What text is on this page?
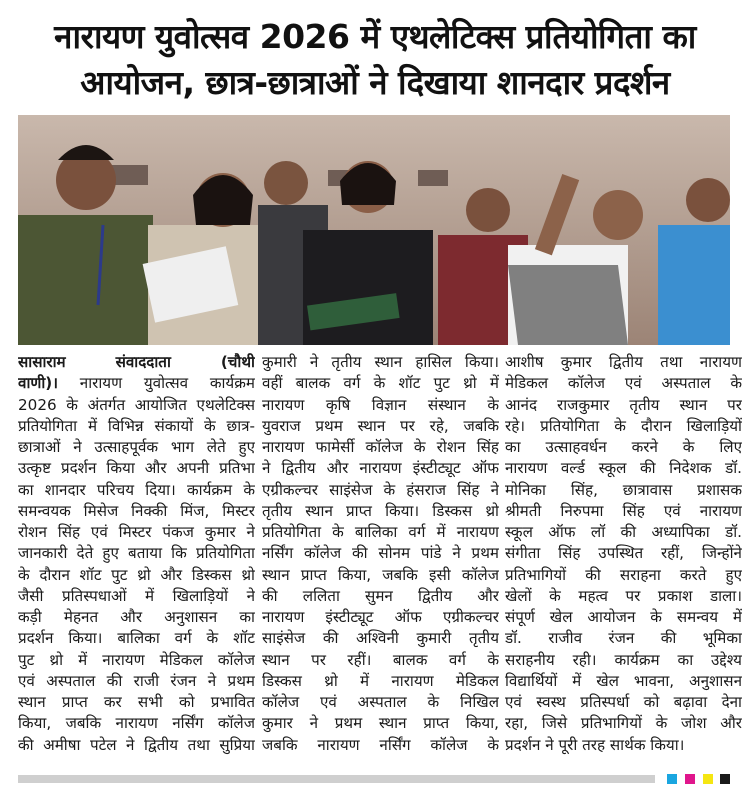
नारायण युवोत्सव 2026 में एथलेटिक्स प्रतियोगिता का
आयोजन, छात्र-छात्राओं ने दिखाया शानदार प्रदर्शन
सासाराम संवाददाता (चौथी
वाणी)। नारायण युवोत्सव कार्यक्रम
2026 के अंतर्गत आयोजित एथलेटिक्स
प्रतियोगिता में विभिन्न संकायों के छात्र-
छात्राओं ने उत्साहपूर्वक भाग लेते हुए
उत्कृष्ट प्रदर्शन किया और अपनी प्रतिभा
का शानदार परिचय दिया। कार्यक्रम के
समन्वयक मिसेज निक्की मिंज, मिस्टर
रोशन सिंह एवं मिस्टर पंकज कुमार ने
जानकारी देते हुए बताया कि प्रतियोगिता
के दौरान शॉट पुट थ्रो और डिस्कस थ्रो
जैसी प्रतिस्पधाओं में खिलाड़ियों ने
कड़ी मेहनत और अनुशासन का
प्रदर्शन किया। बालिका वर्ग के शॉट
पुट थ्रो में नारायण मेडिकल कॉलेज
एवं अस्पताल की राजी रंजन ने प्रथम
स्थान प्राप्त कर सभी को प्रभावित
किया, जबकि नारायण नर्सिंग कॉलेज
की अमीषा पटेल ने द्वितीय तथा सुप्रिया
कुमारी ने तृतीय स्थान हासिल किया।
वहीं बालक वर्ग के शॉट पुट थ्रो में
नारायण कृषि विज्ञान संस्थान के
युवराज प्रथम स्थान पर रहे, जबकि
नारायण फामेर्सी कॉलेज के रोशन सिंह
ने द्वितीय और नारायण इंस्टीट्यूट ऑफ
एग्रीकल्चर साइंसेज के हंसराज सिंह ने
तृतीय स्थान प्राप्त किया। डिस्कस थ्रो
प्रतियोगिता के बालिका वर्ग में नारायण
नर्सिंग कॉलेज की सोनम पांडे ने प्रथम
स्थान प्राप्त किया, जबकि इसी कॉलेज
की ललिता सुमन द्वितीय और
नारायण इंस्टीट्यूट ऑफ एग्रीकल्चर
साइंसेज की अश्विनी कुमारी तृतीय
स्थान पर रहीं। बालक वर्ग के
डिस्कस थ्रो में नारायण मेडिकल
कॉलेज एवं अस्पताल के निखिल
कुमार ने प्रथम स्थान प्राप्त किया,
जबकि नारायण नर्सिंग कॉलेज के
आशीष कुमार द्वितीय तथा नारायण
मेडिकल कॉलेज एवं अस्पताल के
आनंद राजकुमार तृतीय स्थान पर
रहे। प्रतियोगिता के दौरान खिलाड़ियों
का उत्साहवर्धन करने के लिए
नारायण वर्ल्ड स्कूल की निदेशक डॉ.
मोनिका सिंह, छात्रावास प्रशासक
श्रीमती निरुपमा सिंह एवं नारायण
स्कूल ऑफ लॉ की अध्यापिका डॉ.
संगीता सिंह उपस्थित रहीं, जिन्होंने
प्रतिभागियों की सराहना करते हुए
खेलों के महत्व पर प्रकाश डाला।
संपूर्ण खेल आयोजन के समन्वय में
डॉ. राजीव रंजन की भूमिका
सराहनीय रही। कार्यक्रम का उद्देश्य
विद्यार्थियों में खेल भावना, अनुशासन
एवं स्वस्थ प्रतिस्पर्धा को बढ़ावा देना
रहा, जिसे प्रतिभागियों के जोश और
प्रदर्शन ने पूरी तरह सार्थक किया।
